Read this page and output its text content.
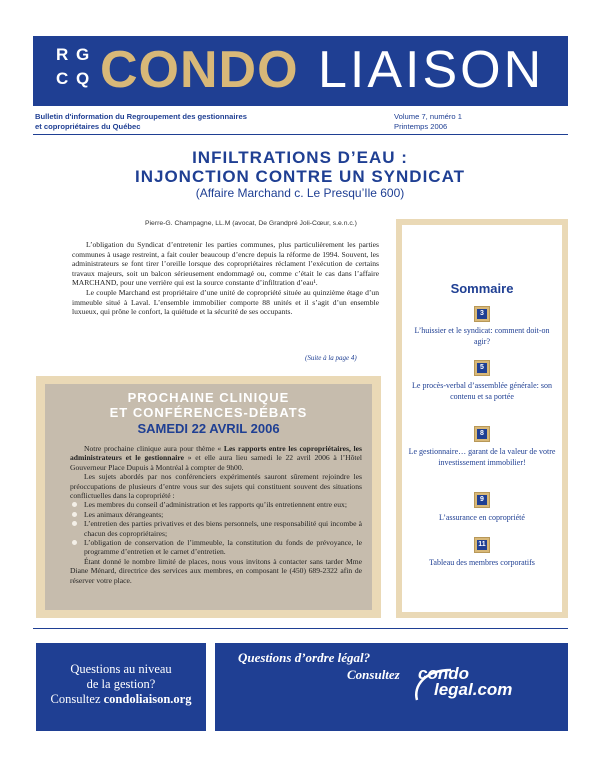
R G
C Q CONDO LIAISON
Bulletin d'information du Regroupement des gestionnaires
et copropriétaires du Québec
Volume 7, numéro 1
Printemps 2006
INFILTRATIONS D’EAU :
INJONCTION CONTRE UN SYNDICAT
(Affaire Marchand c. Le Presqu’Ile 600)
Pierre-G. Champagne, LL.M (avocat, De Grandpré Joli-Cœur, s.e.n.c.)

L’obligation du Syndicat d’entretenir les parties communes, plus particulièrement les parties communes à usage restreint, a fait couler beaucoup d’encre depuis la réforme de 1994. Souvent, les administrateurs se font tirer l’oreille lorsque des copropriétaires réclament l’exécution de certains travaux majeurs, soit un balcon sérieusement endommagé ou, comme c’était le cas dans l’affaire MARCHAND, pour une verrière qui est la source constante d’infiltration d’eau¹.

Le couple Marchand est propriétaire d’une unité de copropriété située au quinzième étage d’un immeuble situé à Laval. L’ensemble immobilier comporte 88 unités et il s’agit d’un ensemble luxueux, qui prône le confort, la quiétude et la sécurité de ses occupants.

(Suite à la page 4)
PROCHAINE CLINIQUE
ET CONFÉRENCES-DÉBATS
SAMEDI 22 AVRIL 2006

Notre prochaine clinique aura pour thème « Les rapports entre les copropriétaires, les administrateurs et le gestionnaire » et elle aura lieu samedi le 22 avril 2006 à l’Hôtel Gouverneur Place Dupuis à Montréal à compter de 9h00.

Les sujets abordés par nos conférenciers expérimentés sauront sûrement rejoindre les préoccupations de plusieurs d’entre vous sur des sujets qui constituent souvent des situations conflictuelles dans la copropriété :

Les membres du conseil d’administration et les rapports qu’ils entretiennent entre eux;
Les animaux dérangeants;
L’entretien des parties privatives et des biens personnels, une responsabilité qui incombe à chacun des copropriétaires;
L’obligation de conservation de l’immeuble, la constitution du fonds de prévoyance, le programme d’entretien et le carnet d’entretien.

Étant donné le nombre limité de places, nous vous invitons à contacter sans tarder Mme Diane Ménard, directrice des services aux membres, en composant le (450) 689-2322 afin de réserver votre place.

Sommaire
3
L’huissier et le syndicat: comment doit-on agir?
5
Le procès-verbal d’assemblée générale: son contenu et sa portée
8
Le gestionnaire… garant de la valeur de votre investissement immobilier!
9
L’assurance en copropriété
11
Tableau des membres corporatifs
Questions au niveau
de la gestion?
Consultez condoliaison.org
Questions d’ordre légal?
Consultez condo
legal.com
